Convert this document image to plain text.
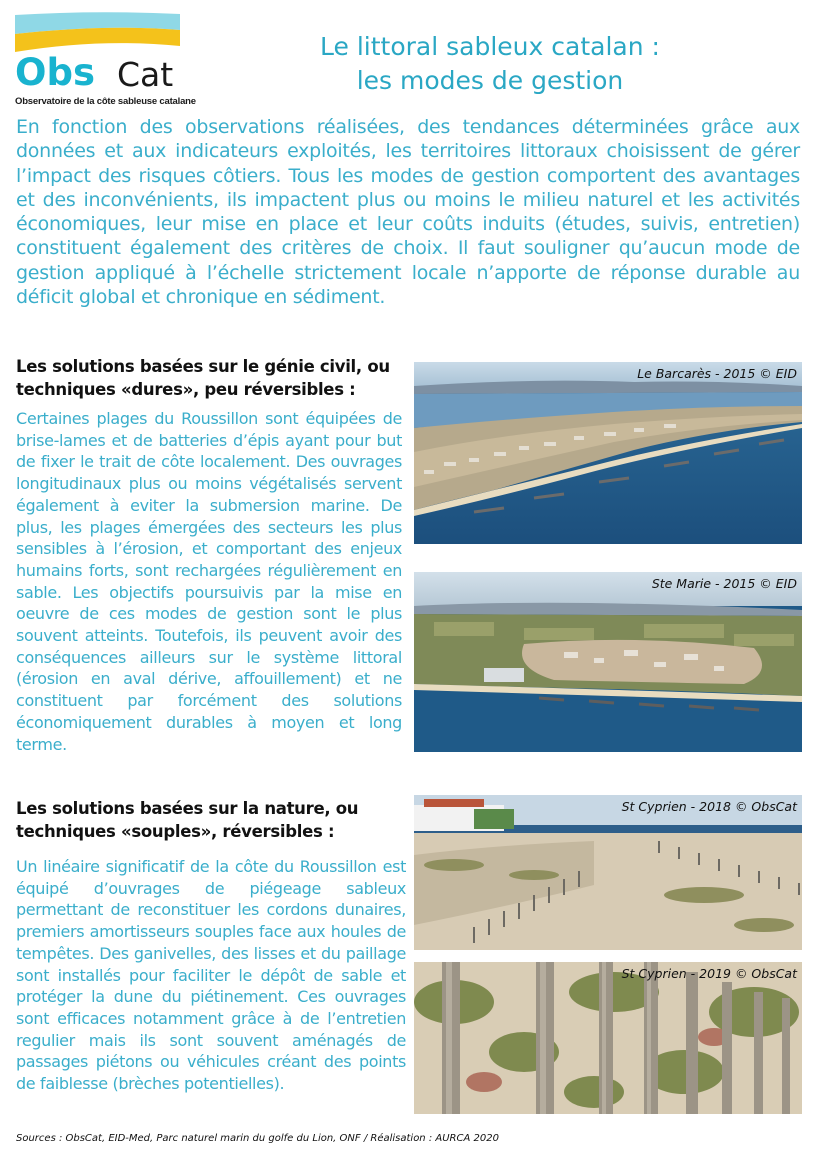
Obs Cat
Observatoire de la côte sableuse catalane
Le littoral sableux catalan :
les modes de gestion
En fonction des observations réalisées, des tendances déterminées grâce aux données et aux indicateurs exploités, les territoires littoraux choisissent de gérer l’impact des risques côtiers. Tous les modes de gestion comportent des avantages et des inconvénients, ils impactent plus ou moins le milieu naturel et les activités économiques, leur mise en place et leur coûts induits (études, suivis, entretien) constituent également des critères de choix. Il faut souligner qu’aucun mode de gestion appliqué à l’échelle strictement locale n’apporte de réponse durable au déficit global et chronique en sédiment.
Les solutions basées sur le génie civil, ou
techniques «dures», peu réversibles :
Certaines plages du Roussillon sont équipées de brise-lames et de batteries d’épis ayant pour but de fixer le trait de côte localement. Des ouvrages longitudinaux plus ou moins végétalisés servent également à eviter la submersion marine. De plus, les plages émergées des secteurs les plus sensibles à l’érosion, et comportant des enjeux humains forts, sont rechargées régulièrement en sable. Les objectifs poursuivis par la mise en oeuvre de ces modes de gestion sont le plus souvent atteints. Toutefois, ils peuvent avoir des conséquences ailleurs sur le système littoral (érosion en aval dérive, affouillement) et ne constituent par forcément des solutions économiquement durables à moyen et long terme.
Le Barcarès - 2015 © EID
Ste Marie - 2015 © EID
Les solutions basées sur la nature, ou
techniques «souples», réversibles :
Un linéaire significatif de la côte du Roussillon est équipé d’ouvrages de piégeage sableux permettant de reconstituer les cordons dunaires, premiers amortisseurs souples face aux houles de tempêtes. Des ganivelles, des lisses et du paillage sont installés pour faciliter le dépôt de sable et protéger la dune du piétinement. Ces ouvrages sont efficaces notamment grâce à de l’entretien regulier mais ils sont souvent aménagés de passages piétons ou véhicules créant des points de faiblesse (brèches potentielles).
St Cyprien - 2018 © ObsCat
St Cyprien - 2019 © ObsCat
Sources : ObsCat, EID-Med, Parc naturel marin du golfe du Lion, ONF / Réalisation : AURCA 2020
